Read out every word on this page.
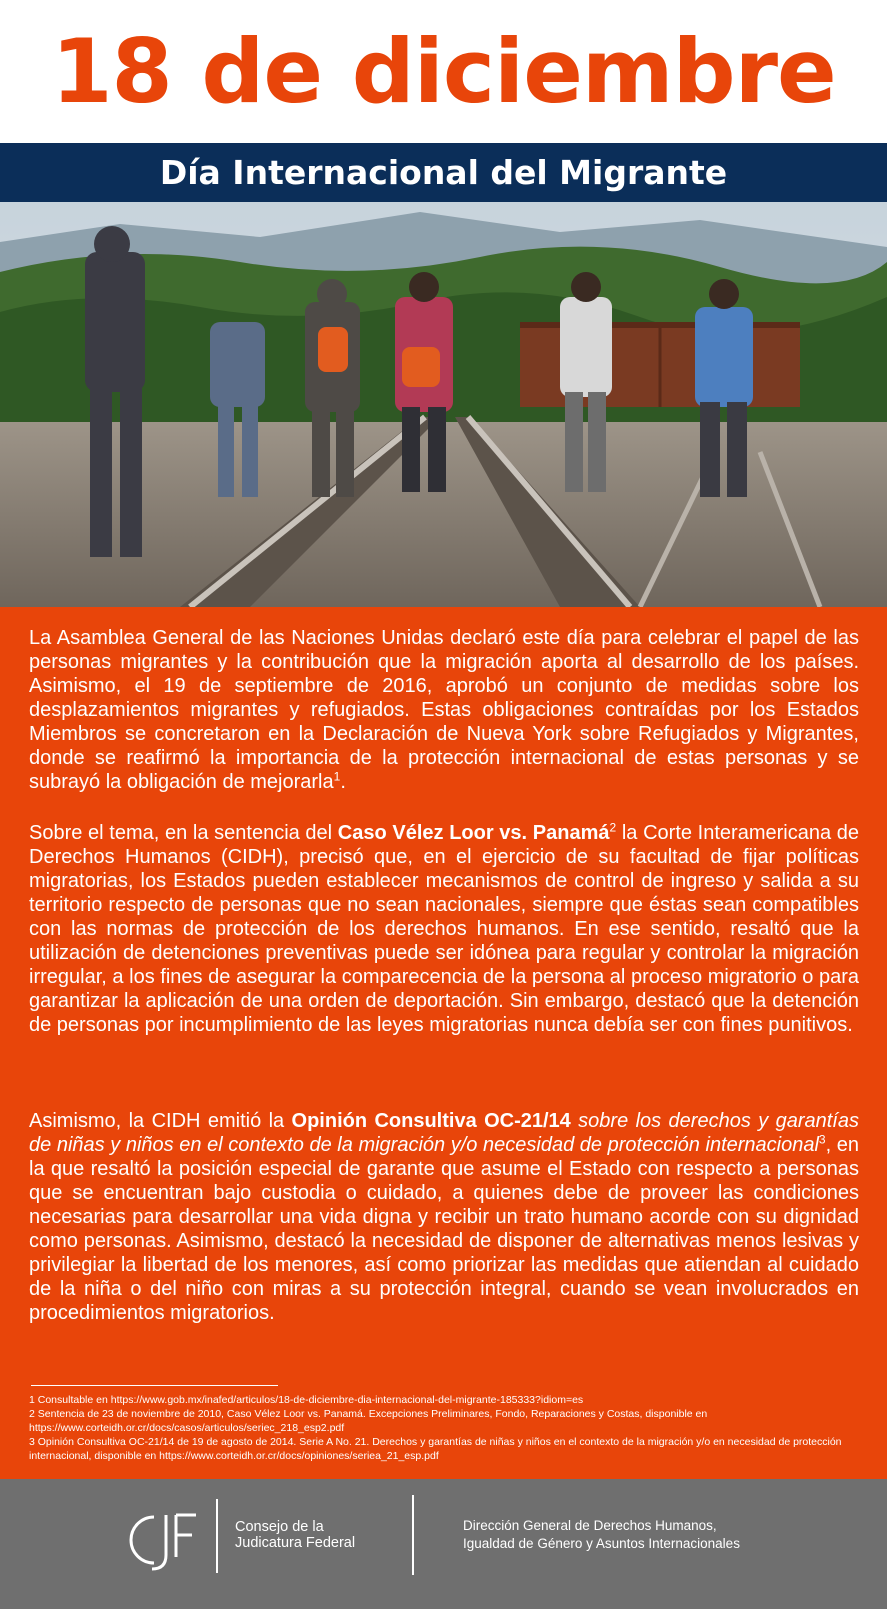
18 de diciembre
Día Internacional del Migrante

La Asamblea General de las Naciones Unidas declaró este día para celebrar el papel de las personas migrantes y la contribución que la migración aporta al desarrollo de los países. Asimismo, el 19 de septiembre de 2016, aprobó un conjunto de medidas sobre los desplazamientos migrantes y refugiados. Estas obligaciones contraídas por los Estados Miembros se concretaron en la Declaración de Nueva York sobre Refugiados y Migrantes, donde se reafirmó la importancia de la protección internacional de estas personas y se subrayó la obligación de mejorarla$^1$.

Sobre el tema, en la sentencia del Caso Vélez Loor vs. Panamá$^2$ la Corte Interamericana de Derechos Humanos (CIDH), precisó que, en el ejercicio de su facultad de fijar políticas migratorias, los Estados pueden establecer mecanismos de control de ingreso y salida a su territorio respecto de personas que no sean nacionales, siempre que éstas sean compatibles con las normas de protección de los derechos humanos. En ese sentido, resaltó que la utilización de detenciones preventivas puede ser idónea para regular y controlar la migración irregular, a los fines de asegurar la comparecencia de la persona al proceso migratorio o para garantizar la aplicación de una orden de deportación. Sin embargo, destacó que la detención de personas por incumplimiento de las leyes migratorias nunca debía ser con fines punitivos.

Asimismo, la CIDH emitió la Opinión Consultiva OC-21/14 sobre los derechos y garantías de niñas y niños en el contexto de la migración y/o necesidad de protección internacional$^3$, en la que resaltó la posición especial de garante que asume el Estado con respecto a personas que se encuentran bajo custodia o cuidado, a quienes debe de proveer las condiciones necesarias para desarrollar una vida digna y recibir un trato humano acorde con su dignidad como personas. Asimismo, destacó la necesidad de disponer de alternativas menos lesivas y privilegiar la libertad de los menores, así como priorizar las medidas que atiendan al cuidado de la niña o del niño con miras a su protección integral, cuando se vean involucrados en procedimientos migratorios.

1 Consultable en https://www.gob.mx/inafed/articulos/18-de-diciembre-dia-internacional-del-migrante-185333?idiom=es
2 Sentencia de 23 de noviembre de 2010, Caso Vélez Loor vs. Panamá. Excepciones Preliminares, Fondo, Reparaciones y Costas, disponible en https://www.corteidh.or.cr/docs/casos/articulos/seriec_218_esp2.pdf
3 Opinión Consultiva OC-21/14 de 19 de agosto de 2014. Serie A No. 21. Derechos y garantías de niñas y niños en el contexto de la migración y/o en necesidad de protección internacional, disponible en https://www.corteidh.or.cr/docs/opiniones/seriea_21_esp.pdf
Consejo de la
Judicatura Federal
Dirección General de Derechos Humanos,
Igualdad de Género y Asuntos Internacionales
